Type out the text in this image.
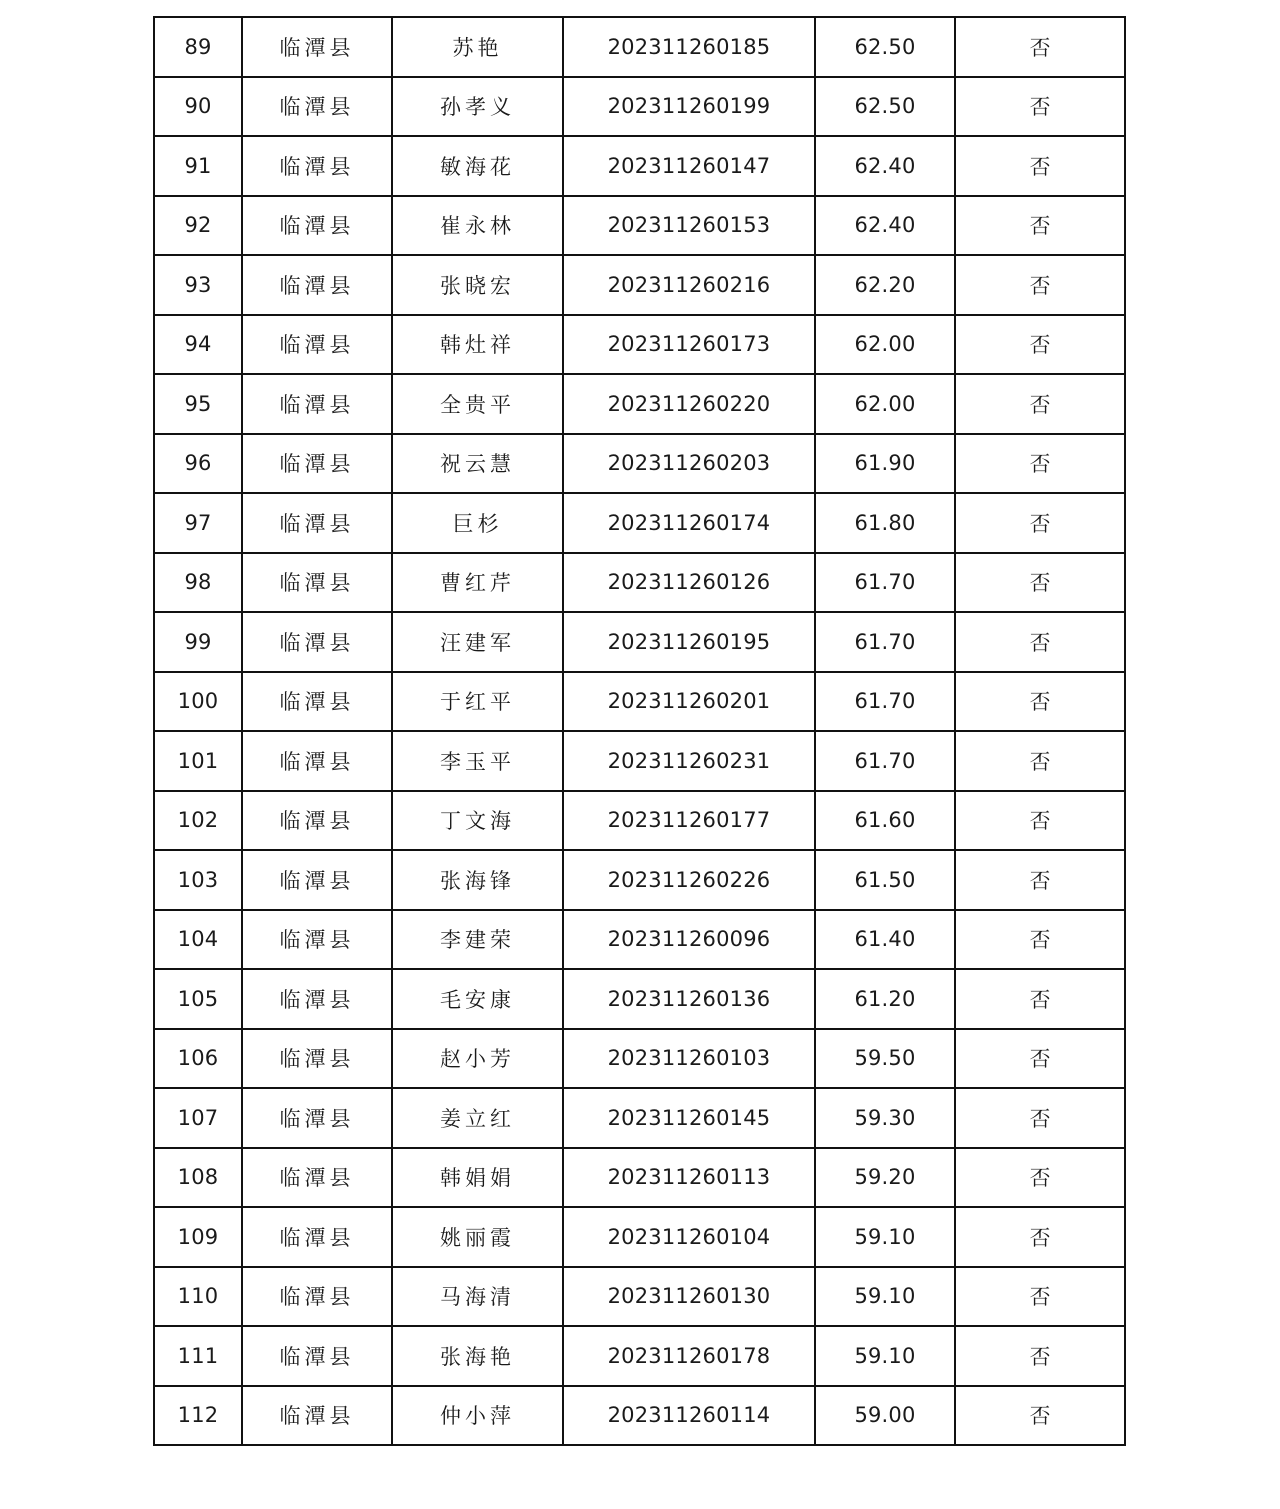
89	临潭县	苏艳	202311260185	62.50	否
90	临潭县	孙孝义	202311260199	62.50	否
91	临潭县	敏海花	202311260147	62.40	否
92	临潭县	崔永林	202311260153	62.40	否
93	临潭县	张晓宏	202311260216	62.20	否
94	临潭县	韩灶祥	202311260173	62.00	否
95	临潭县	全贵平	202311260220	62.00	否
96	临潭县	祝云慧	202311260203	61.90	否
97	临潭县	巨杉	202311260174	61.80	否
98	临潭县	曹红芹	202311260126	61.70	否
99	临潭县	汪建军	202311260195	61.70	否
100	临潭县	于红平	202311260201	61.70	否
101	临潭县	李玉平	202311260231	61.70	否
102	临潭县	丁文海	202311260177	61.60	否
103	临潭县	张海锋	202311260226	61.50	否
104	临潭县	李建荣	202311260096	61.40	否
105	临潭县	毛安康	202311260136	61.20	否
106	临潭县	赵小芳	202311260103	59.50	否
107	临潭县	姜立红	202311260145	59.30	否
108	临潭县	韩娟娟	202311260113	59.20	否
109	临潭县	姚丽霞	202311260104	59.10	否
110	临潭县	马海清	202311260130	59.10	否
111	临潭县	张海艳	202311260178	59.10	否
112	临潭县	仲小萍	202311260114	59.00	否
